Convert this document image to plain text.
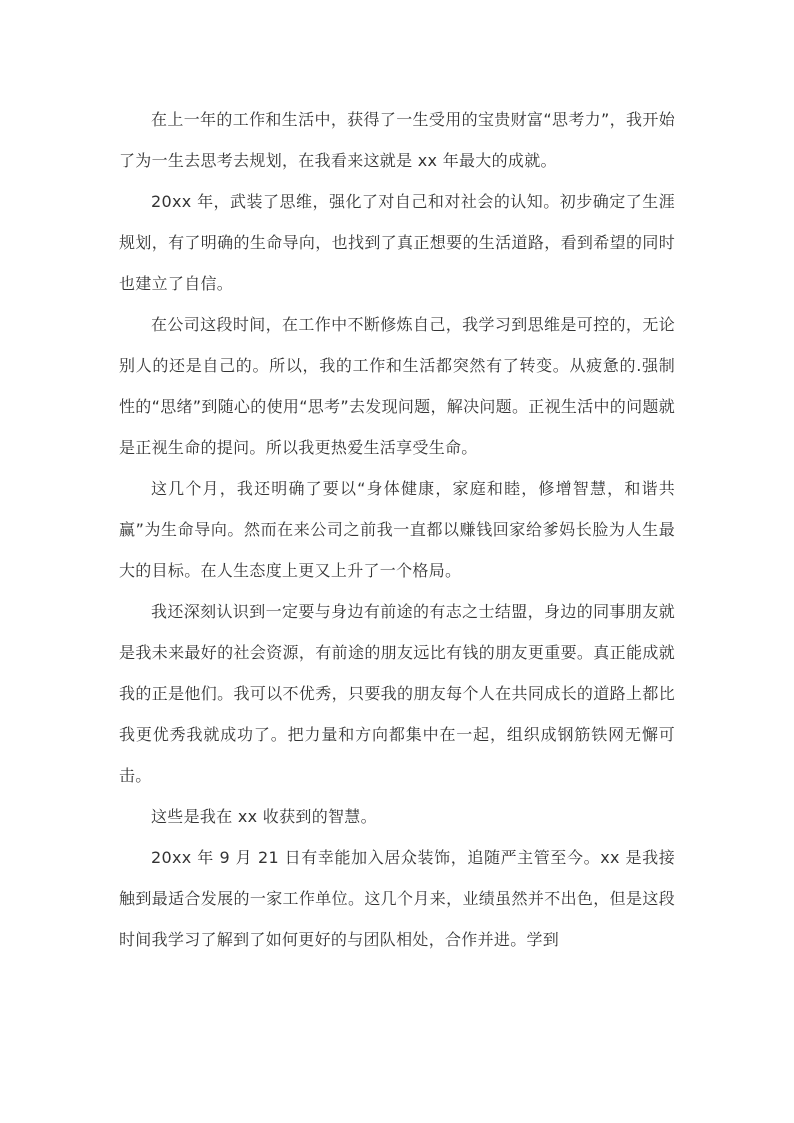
在上一年的工作和生活中，获得了一生受用的宝贵财富“思考力”，我开始了为一生去思考去规划，在我看来这就是 xx 年最大的成就。

20xx 年，武装了思维，强化了对自己和对社会的认知。初步确定了生涯规划，有了明确的生命导向，也找到了真正想要的生活道路，看到希望的同时也建立了自信。

在公司这段时间，在工作中不断修炼自己，我学习到思维是可控的，无论别人的还是自己的。所以，我的工作和生活都突然有了转变。从疲惫的.强制性的“思绪”到随心的使用“思考”去发现问题，解决问题。正视生活中的问题就是正视生命的提问。所以我更热爱生活享受生命。

这几个月，我还明确了要以“身体健康，家庭和睦，修增智慧，和谐共赢”为生命导向。然而在来公司之前我一直都以赚钱回家给爹妈长脸为人生最大的目标。在人生态度上更又上升了一个格局。

我还深刻认识到一定要与身边有前途的有志之士结盟，身边的同事朋友就是我未来最好的社会资源，有前途的朋友远比有钱的朋友更重要。真正能成就我的正是他们。我可以不优秀，只要我的朋友每个人在共同成长的道路上都比我更优秀我就成功了。把力量和方向都集中在一起，组织成钢筋铁网无懈可击。

这些是我在 xx 收获到的智慧。

20xx 年 9 月 21 日有幸能加入居众装饰，追随严主管至今。xx 是我接触到最适合发展的一家工作单位。这几个月来，业绩虽然并不出色，但是这段时间我学习了解到了如何更好的与团队相处，合作并进。学到
